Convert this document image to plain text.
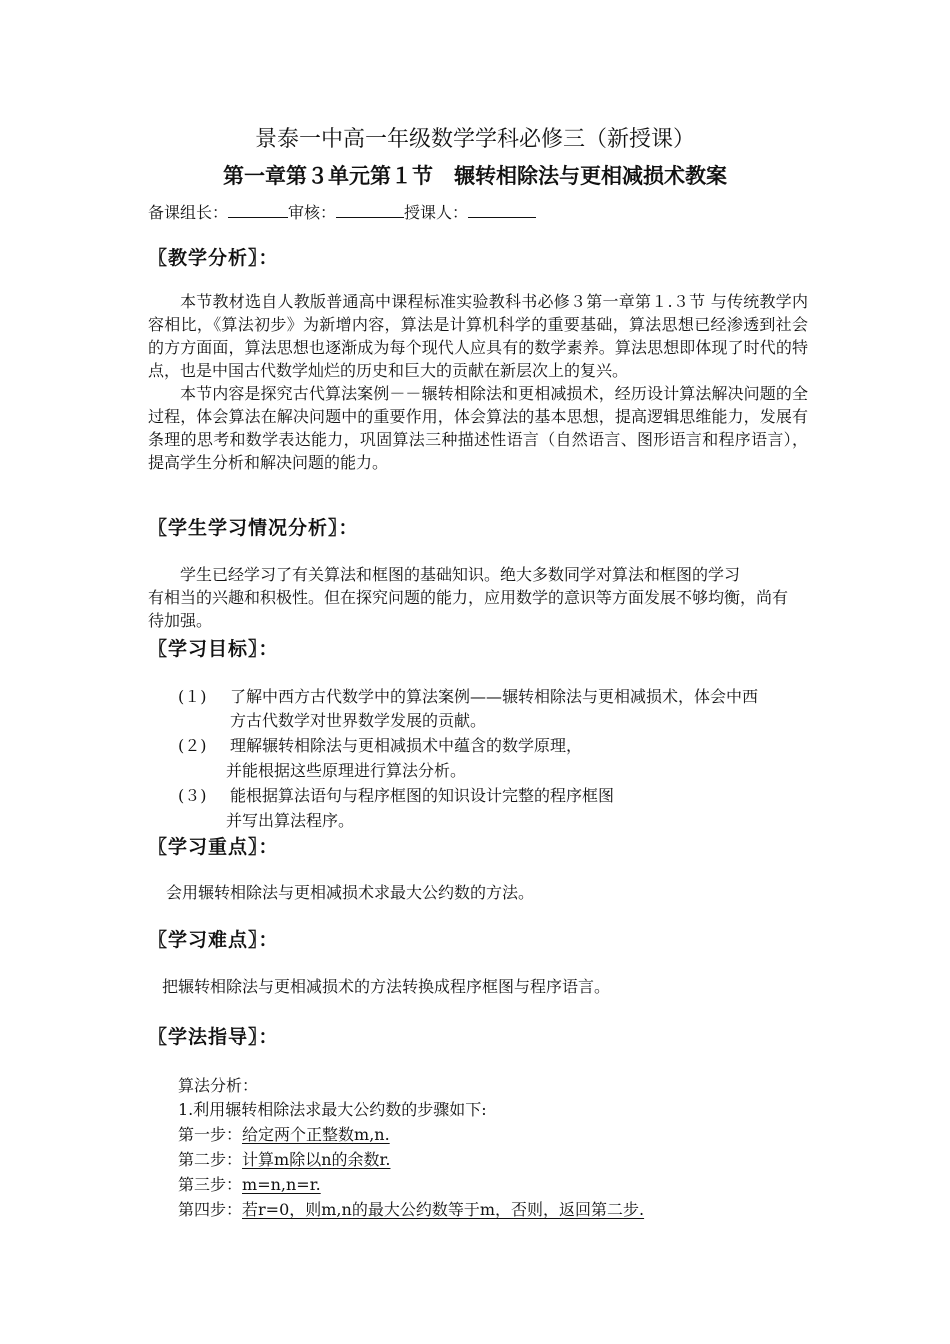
景泰一中高一年级数学学科必修三（新授课）
第一章第３单元第１节　辗转相除法与更相减损术教案
备课组长：	审核：	授课人：
〖教学分析〗：

本节教材选自人教版普通高中课程标准实验教科书必修３第一章第１.３节 与传统教学内容相比，《算法初步》为新增内容，算法是计算机科学的重要基础，算法思想已经渗透到社会的方方面面，算法思想也逐渐成为每个现代人应具有的数学素养。算法思想即体现了时代的特点，也是中国古代数学灿烂的历史和巨大的贡献在新层次上的复兴。

本节内容是探究古代算法案例－－辗转相除法和更相减损术，经历设计算法解决问题的全过程，体会算法在解决问题中的重要作用，体会算法的基本思想，提高逻辑思维能力，发展有条理的思考和数学表达能力，巩固算法三种描述性语言（自然语言、图形语言和程序语言），提高学生分析和解决问题的能力。

〖学生学习情况分析〗：
学生已经学习了有关算法和框图的基础知识。绝大多数同学对算法和框图的学习
有相当的兴趣和积极性。但在探究问题的能力，应用数学的意识等方面发展不够均衡，尚有
待加强。
〖学习目标〗：
(１) 了解中西方古代数学中的算法案例——辗转相除法与更相减损术，体会中西
方古代数学对世界数学发展的贡献。
(２) 理解辗转相除法与更相减损术中蕴含的数学原理，
并能根据这些原理进行算法分析。
(３) 能根据算法语句与程序框图的知识设计完整的程序框图
并写出算法程序。
〖学习重点〗：
会用辗转相除法与更相减损术求最大公约数的方法。
〖学习难点〗：
把辗转相除法与更相减损术的方法转换成程序框图与程序语言。
〖学法指导〗：
算法分析：
1.利用辗转相除法求最大公约数的步骤如下:
第一步：给定两个正整数m,n.
第二步：计算m除以n的余数r.
第三步：m=n,n=r.
第四步：若r=0，则m,n的最大公约数等于m，否则，返回第二步.
